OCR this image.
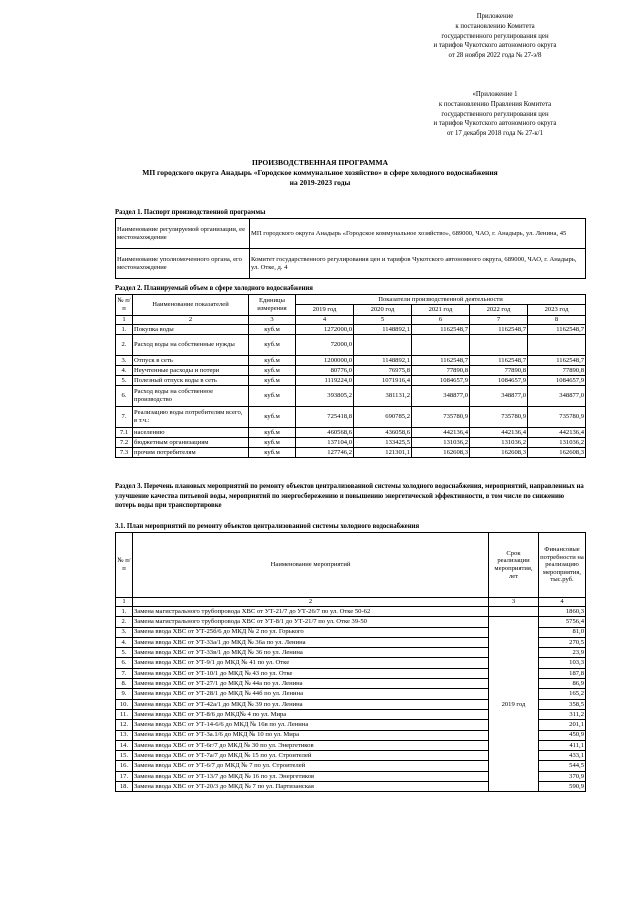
Приложение
к постановлению Комитета
государственного регулирования цен
и тарифов Чукотского автономного округа
от 28 ноября 2022 года № 27-э/8
«Приложение 1
к постановлению Правления Комитета
государственного регулирования цен
и тарифов Чукотского автономного округа
от 17 декабря 2018 года № 27-к/1
ПРОИЗВОДСТВЕННАЯ ПРОГРАММА
МП городского округа Анадырь «Городское коммунальное хозяйство» в сфере холодного водоснабжения
на 2019-2023 годы
Раздел 1. Паспорт производственной программы
Наименование регулируемой организации, ее местонахождение	МП городского округа Анадырь «Городское коммунальное хозяйство», 689000, ЧАО, г. Анадырь, ул. Ленина, 45
Наименование уполномоченного органа, его местонахождение	Комитет государственного регулирования цен и тарифов Чукотского автономного округа, 689000, ЧАО, г. Анадырь, ул. Отке, д. 4
Раздел 2. Планируемый объем в сфере холодного водоснабжения
№ п/п	Наименование показателей	Единицы измерения	Показатели производственной деятельности				
			2019 год	2020 год	2021 год	2022 год	2023 год
1	2	3	4	5	6	7	8
1.	Покупка воды	куб.м	1272000,0	1148892,1	1162548,7	1162548,7	1162548,7
2.	Расход воды на собственные нужды	куб.м	72000,0				
3.	Отпуск в сеть	куб.м	1200000,0	1148892,1	1162548,7	1162548,7	1162548,7
4.	Неучтенные расходы и потери	куб.м	80776,0	76975,8	77890,8	77890,8	77890,8
5.	Полезный отпуск воды в сеть	куб.м	1119224,0	1071916,4	1084657,9	1084657,9	1084657,9
6.	Расход воды на собственное производство	куб.м	393805,2	381131,2	348877,0	348877,0	348877,0
7.	Реализацию воды потребителям всего, в т.ч.:	куб.м	725418,8	690785,2	735780,9	735780,9	735780,9
7.1	населению	куб.м	460568,6	436058,6	442136,4	442136,4	442136,4
7.2	бюджетным организациям	куб.м	137104,0	133425,5	131036,2	131036,2	131036,2
7.3	прочим потребителям	куб.м	127746,2	121301,1	162608,3	162608,3	162608,3
Раздел 3. Перечень плановых мероприятий по ремонту объектов централизованной системы холодного водоснабжения, мероприятий, направленных на улучшение качества питьевой воды, мероприятий по энергосбережению и повышению энергетической эффективности, в том числе по снижению потерь воды при транспортировке
3.1. План мероприятий по ремонту объектов централизованной системы холодного водоснабжения
№ п/п	Наименование мероприятий	Срок реализации мероприятия, лет	Финансовые потребности на реализацию мероприятия, тыс.руб.
1	2	3	4
1.	Замена магистрального трубопровода ХВС от УТ-21/7 до УТ-26/7 по ул. Отке 50-62		1860,3
2.	Замена магистрального трубопровода ХВС от УТ-8/1 до УТ-21/7 по ул. Отке 39-50	2019 год	5756,4
3.	Замена ввода ХВС от УТ-25б/6 до МКД № 2 по ул. Горького		81,0
4.	Замена ввода ХВС от УТ-33а/1 до МКД № 36а по ул. Ленина		270,5
5.	Замена ввода ХВС от УТ-33в/1 до МКД № 36 по ул. Ленина		23,9
6.	Замена ввода ХВС от УТ-9/1 до МКД № 41 по ул. Отке		103,3
7.	Замена ввода ХВС от УТ-10/1 до МКД № 43 по ул. Отке		187,8
8.	Замена ввода ХВС от УТ-27/1 до МКД № 44а по ул. Ленина		86,9
9.	Замена ввода ХВС от УТ-28/1 до МКД № 44б по ул. Ленина		165,2
10.	Замена ввода ХВС от УТ-42а/1 до МКД № 39 по ул. Ленина		358,5
11.	Замена ввода ХВС от УТ-8/6 до МКД№ 4 по ул. Мира		311,2
12.	Замена ввода ХВС от УТ-14-6/6 до МКД № 16в по ул. Ленина		201,1
13.	Замена ввода ХВС от УТ-3а.1/6 до МКД № 10 по ул. Мира		450,9
14.	Замена ввода ХВС от УТ-6г/7 до МКД № 30 по ул. Энергетиков		411,1
15.	Замена ввода ХВС от УТ-7а/7 до МКД № 15 по ул. Строителей		433,1
16.	Замена ввода ХВС от УТ-6/7 до МКД № 7 по ул. Строителей		544,5
17.	Замена ввода ХВС от УТ-13/7 до МКД № 16 по ул. Энергетиков		370,9
18.	Замена ввода ХВС от УТ-20/3 до МКД № 7 по ул. Партизанская		590,9
